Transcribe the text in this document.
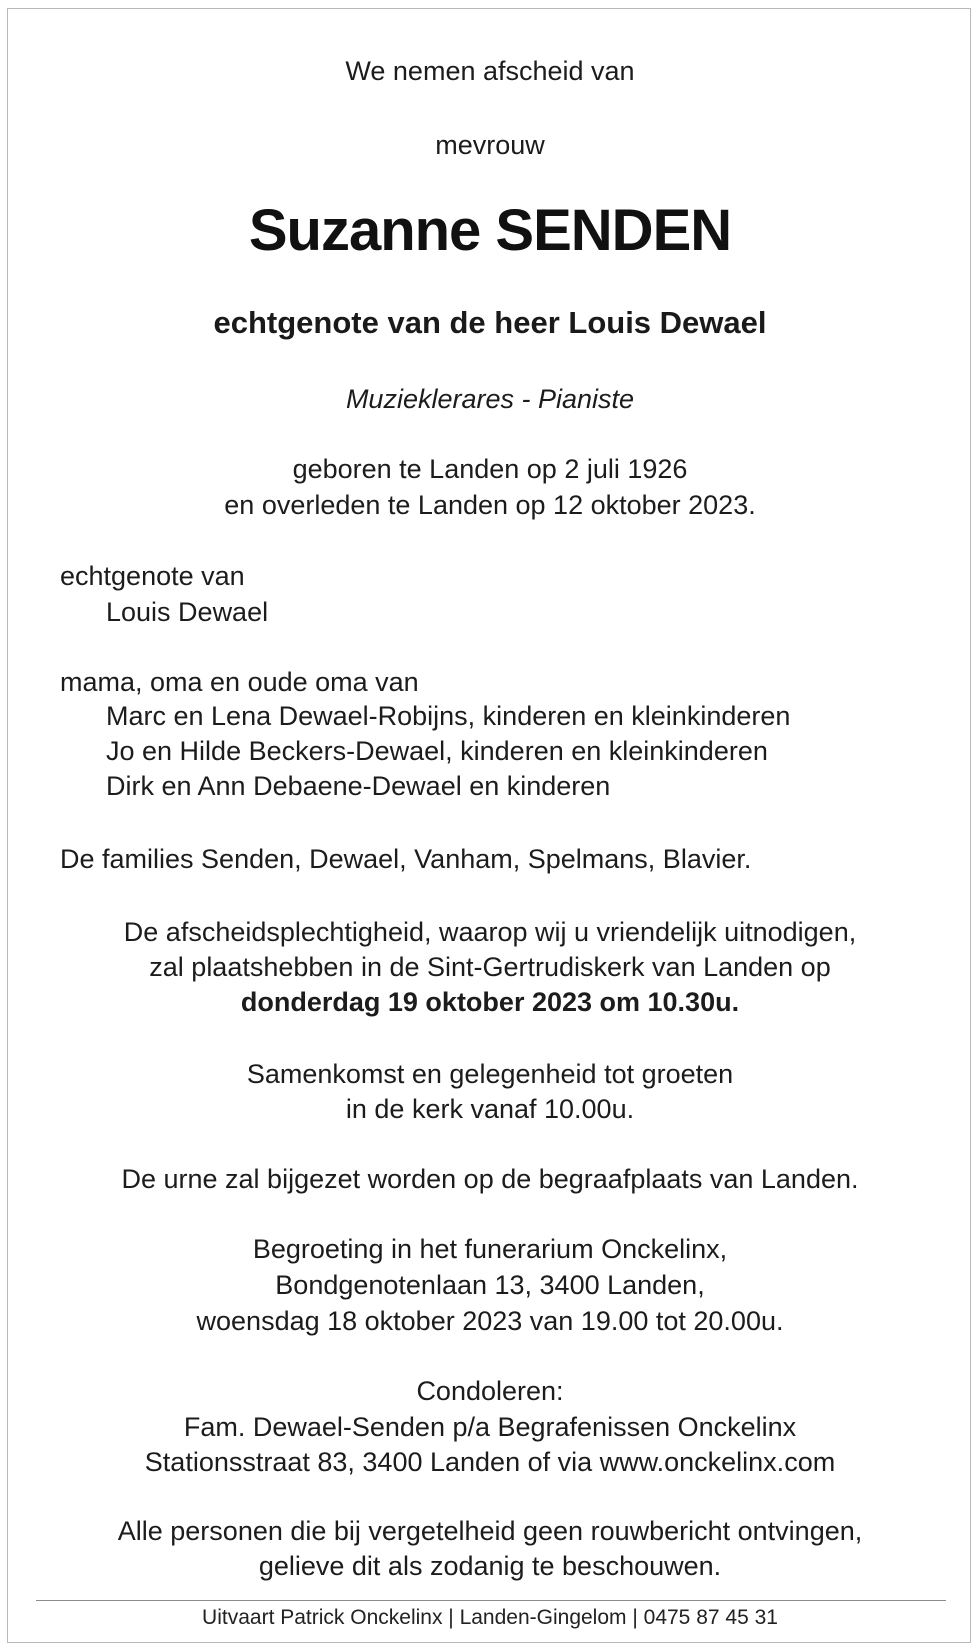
We nemen afscheid van
mevrouw
Suzanne SENDEN
echtgenote van de heer Louis Dewael
Muzieklerares - Pianiste
geboren te Landen op 2 juli 1926
en overleden te Landen op 12 oktober 2023.
echtgenote van
Louis Dewael
mama, oma en oude oma van
Marc en Lena Dewael-Robijns, kinderen en kleinkinderen
Jo en Hilde Beckers-Dewael, kinderen en kleinkinderen
Dirk en Ann Debaene-Dewael en kinderen
De families Senden, Dewael, Vanham, Spelmans, Blavier.
De afscheidsplechtigheid, waarop wij u vriendelijk uitnodigen,
zal plaatshebben in de Sint-Gertrudiskerk van Landen op
donderdag 19 oktober 2023 om 10.30u.
Samenkomst en gelegenheid tot groeten
in de kerk vanaf 10.00u.
De urne zal bijgezet worden op de begraafplaats van Landen.
Begroeting in het funerarium Onckelinx,
Bondgenotenlaan 13, 3400 Landen,
woensdag 18 oktober 2023 van 19.00 tot 20.00u.
Condoleren:
Fam. Dewael-Senden p/a Begrafenissen Onckelinx
Stationsstraat 83, 3400 Landen of via www.onckelinx.com
Alle personen die bij vergetelheid geen rouwbericht ontvingen,
gelieve dit als zodanig te beschouwen.
Uitvaart Patrick Onckelinx | Landen-Gingelom | 0475 87 45 31
